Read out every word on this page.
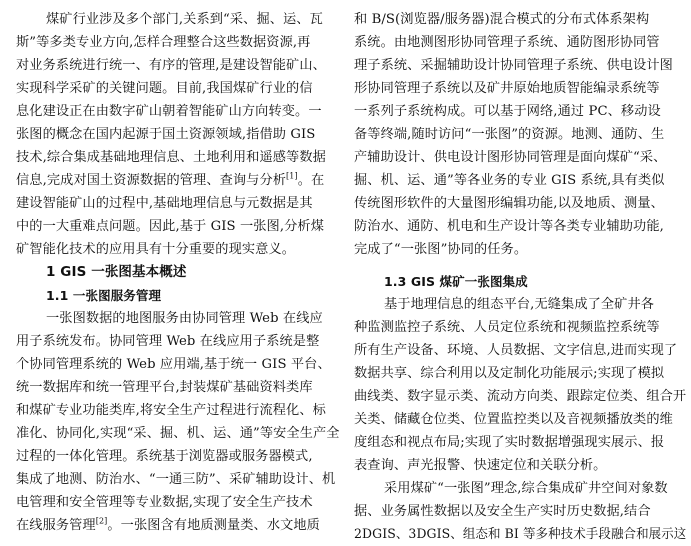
煤矿行业涉及多个部门,关系到“采、掘、运、瓦
斯”等多类专业方向,怎样合理整合这些数据资源,再
对业务系统进行统一、有序的管理,是建设智能矿山、
实现科学采矿的关键问题。目前,我国煤矿行业的信
息化建设正在由数字矿山朝着智能矿山方向转变。一
张图的概念在国内起源于国土资源领域,指借助 GIS
技术,综合集成基础地理信息、土地利用和遥感等数据
信息,完成对国土资源数据的管理、查询与分析[1]。在
建设智能矿山的过程中,基础地理信息与元数据是其
中的一大重难点问题。因此,基于 GIS 一张图,分析煤
矿智能化技术的应用具有十分重要的现实意义。
1 GIS 一张图基本概述
1.1 一张图服务管理
一张图数据的地图服务由协同管理 Web 在线应
用子系统发布。协同管理 Web 在线应用子系统是整
个协同管理系统的 Web 应用端,基于统一 GIS 平台、
统一数据库和统一管理平台,封装煤矿基础资料类库
和煤矿专业功能类库,将安全生产过程进行流程化、标
准化、协同化,实现“采、掘、机、运、通”等安全生产全
过程的一体化管理。系统基于浏览器或服务器模式,
集成了地测、防治水、“一通三防”、采矿辅助设计、机
电管理和安全管理等专业数据,实现了安全生产技术
在线服务管理[2]。一张图含有地质测量类、水文地质
和 B/S(浏览器/服务器)混合模式的分布式体系架构
系统。由地测图形协同管理子系统、通防图形协同管
理子系统、采掘辅助设计协同管理子系统、供电设计图
形协同管理子系统以及矿井原始地质智能编录系统等
一系列子系统构成。可以基于网络,通过 PC、移动设
备等终端,随时访问“一张图”的资源。地测、通防、生
产辅助设计、供电设计图形协同管理是面向煤矿“采、
掘、机、运、通”等各业务的专业 GIS 系统,具有类似
传统图形软件的大量图形编辑功能,以及地质、测量、
防治水、通防、机电和生产设计等各类专业辅助功能,
完成了“一张图”协同的任务。
1.3 GIS 煤矿一张图集成
基于地理信息的组态平台,无缝集成了全矿井各
种监测监控子系统、人员定位系统和视频监控系统等
所有生产设备、环境、人员数据、文字信息,进而实现了
数据共享、综合利用以及定制化功能展示;实现了模拟
曲线类、数字显示类、流动方向类、跟踪定位类、组合开
关类、储藏仓位类、位置监控类以及音视频播放类的维
度组态和视点布局;实现了实时数据增强现实展示、报
表查询、声光报警、快速定位和关联分析。
采用煤矿“一张图”理念,综合集成矿井空间对象数
据、业务属性数据以及安全生产实时历史数据,结合
2DGIS、3DGIS、组态和 BI 等多种技术手段融合和展示这
